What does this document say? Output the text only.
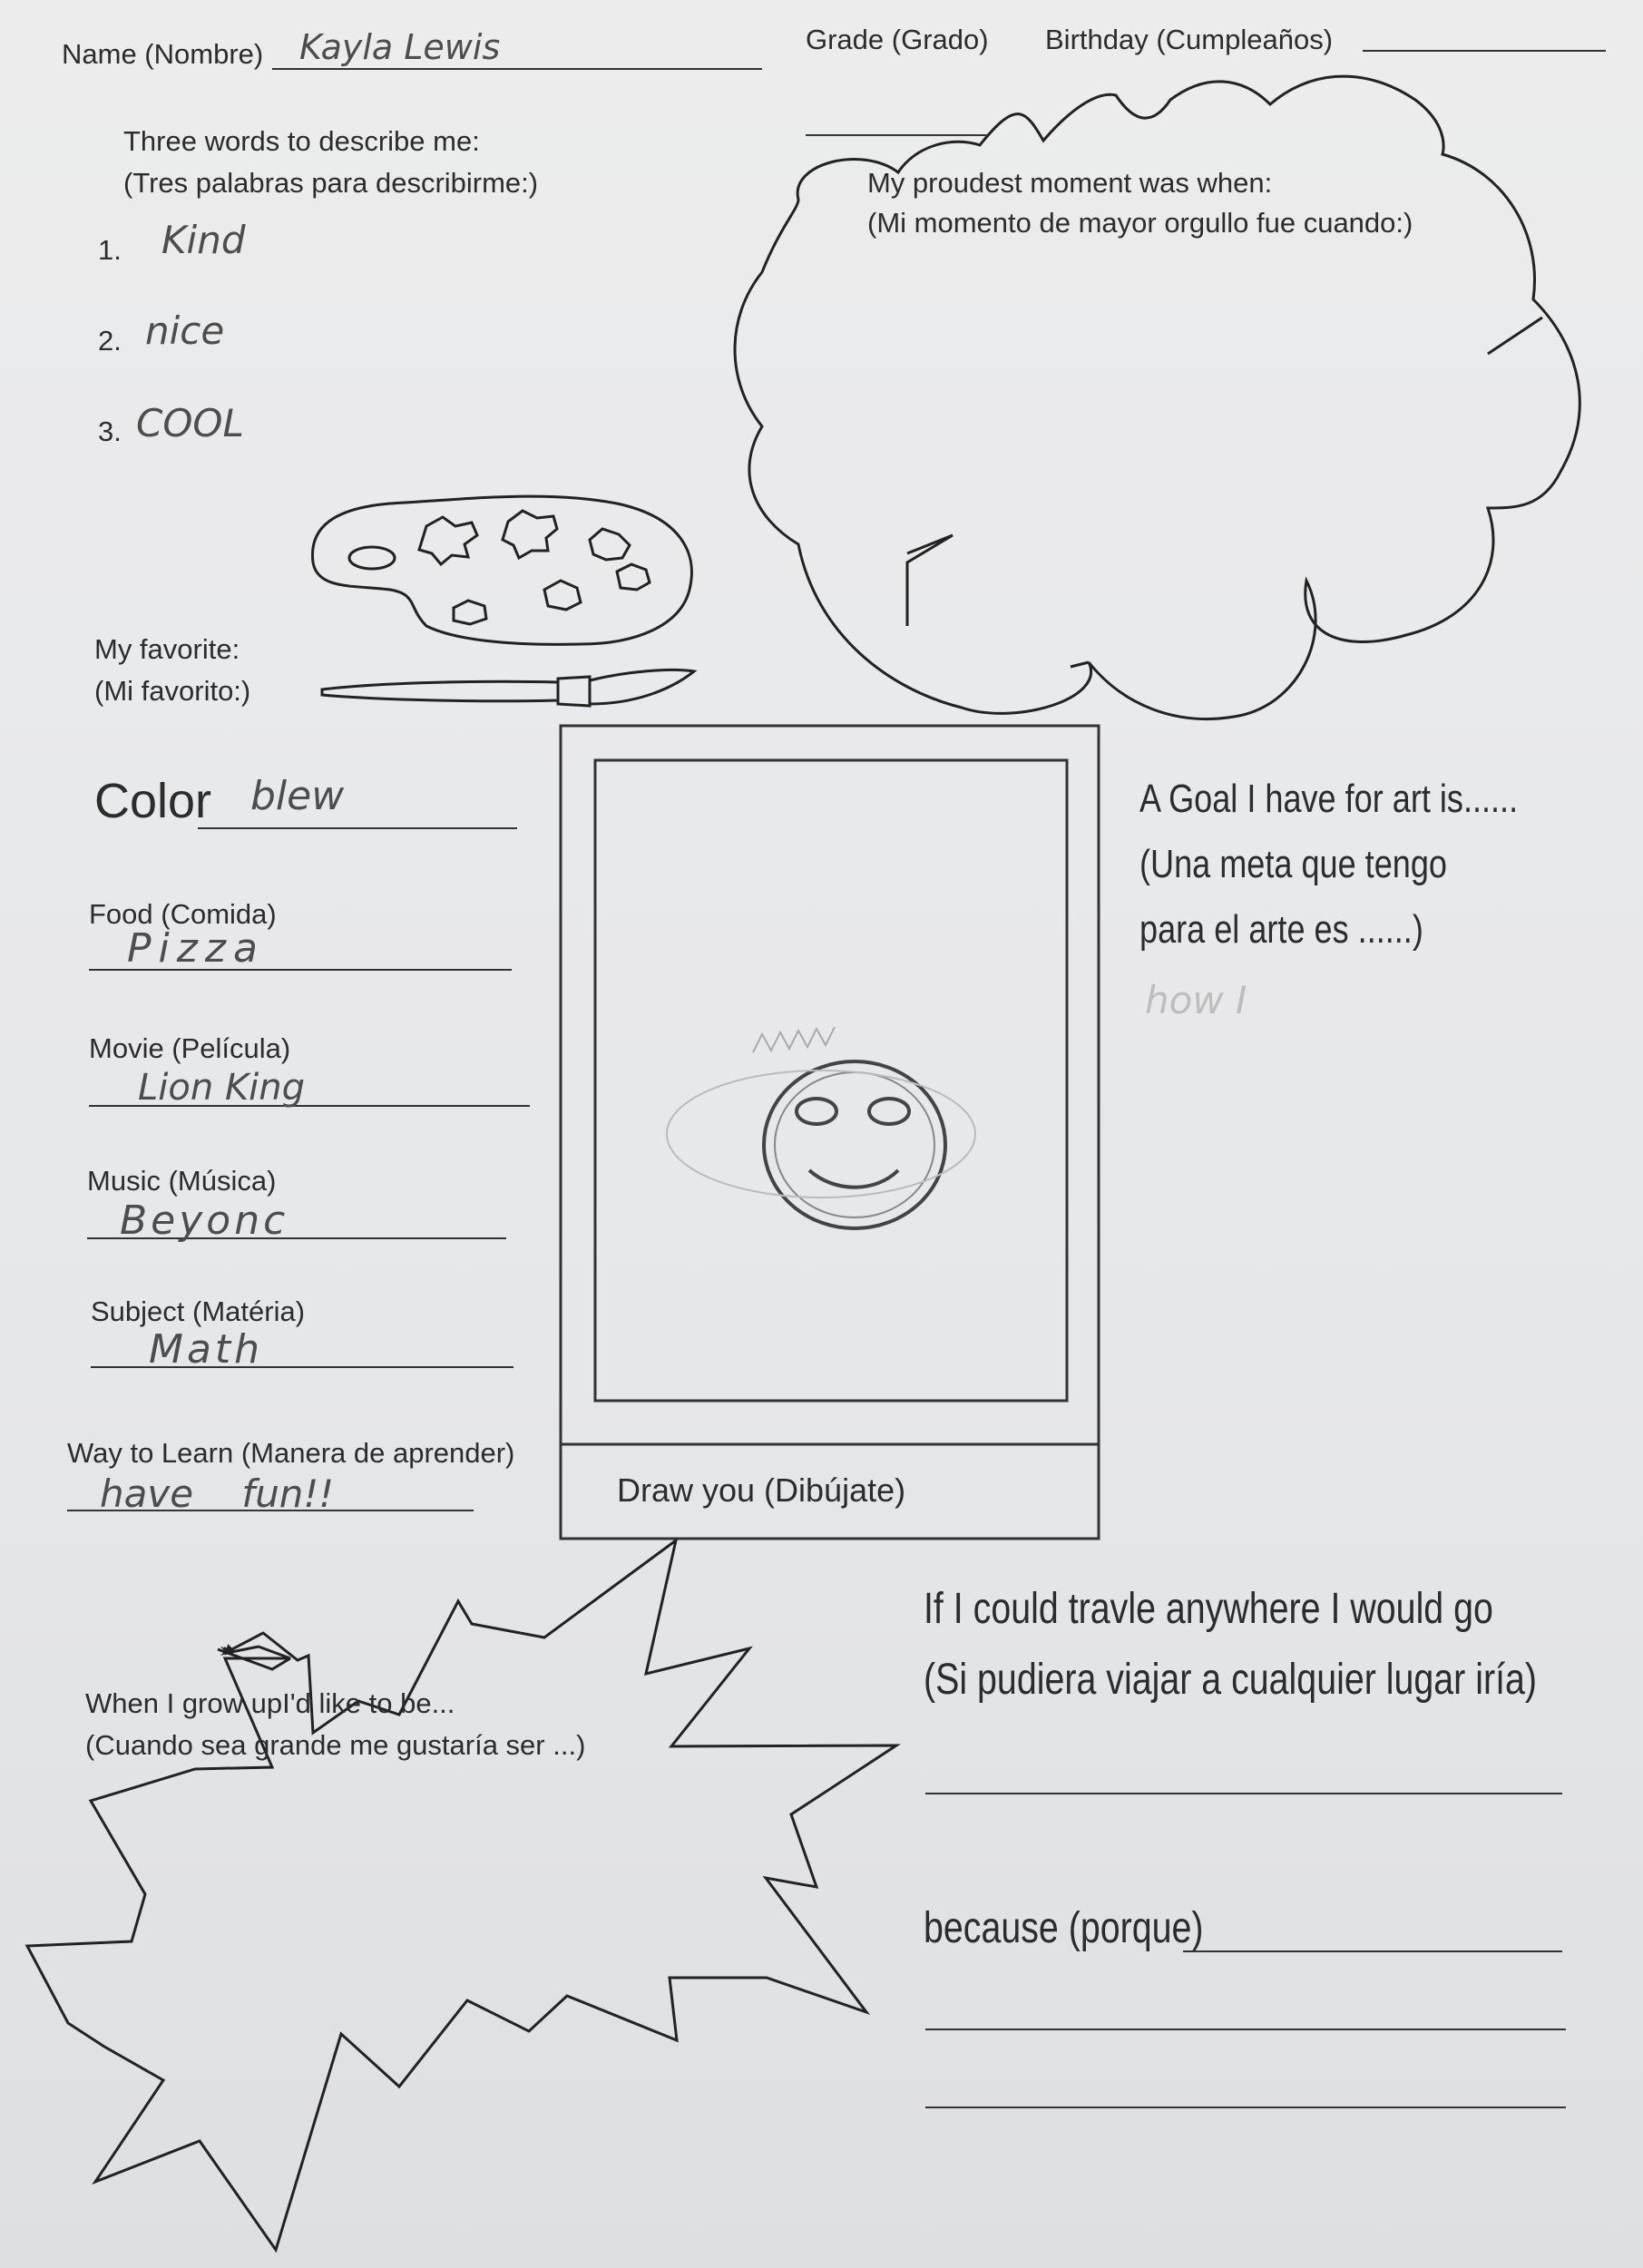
Name (Nombre) Kayla Lewis	Grade (Grado) Birthday (Cumpleaños)
Three words to describe me:
(Tres palabras para describirme:)
1. Kind
2. nice
3. COOL
My proudest moment was when:
(Mi momento de mayor orgullo fue cuando:)
My favorite:
(Mi favorito:)
Color blew
Food (Comida)
Pizza
Movie (Película)
Lion King
Music (Música)
Beyonc
Subject (Matéria)
Math
Way to Learn (Manera de aprender)
have fun!!	Draw you (Dibújate)
A Goal I have for art is......
(Una meta que tengo
para el arte es ......)
how I
If I could travle anywhere I would go
(Si pudiera viajar a cualquier lugar iría)
because (porque)
When I grow upI'd like to be...
(Cuando sea grande me gustaría ser ...)
